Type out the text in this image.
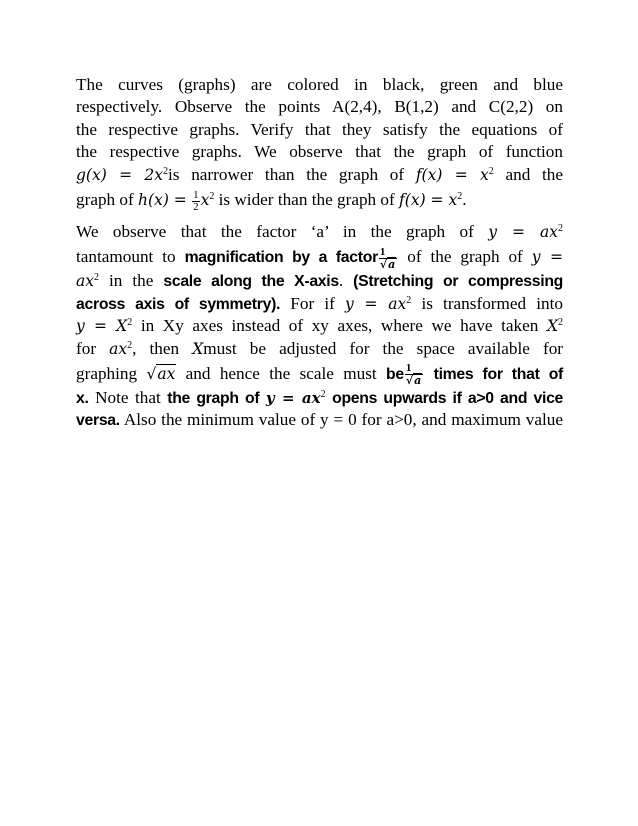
The curves (graphs) are colored in black, green and blue
respectively. Observe the points A(2,4), B(1,2) and C(2,2) on
the respective graphs. Verify that they satisfy the equations of
the respective graphs. We observe that the graph of function
$g(x) = 2x^2is$ narrower than the graph of $f(x) = x^2$ and the
graph of $h(x) = \frac{1}{2} x^2$ is wider than the graph of $f(x) = x^2$.
We observe that the factor ‘a’ in the graph of $y = ax^2$
tantamount to magnification by a factor $\frac{1}{√a}$ of the graph of y =
$ax^2$ in the scale along the X-axis. (Stretching or compressing
across axis of symmetry). For if $y = ax^2$ is transformed into
$y = X^2$ in Xy axes instead of xy axes, where we have taken $X^2$
for $ax^2$, then Xmust be adjusted for the space available for
graphing √ax and hence the scale must be $\frac{1}{√a}$ times for that of
x. Note that the graph of $y = ax^2$ opens upwards if a>0 and vice
versa. Also the minimum value of y = 0 for a>0, and maximum value
